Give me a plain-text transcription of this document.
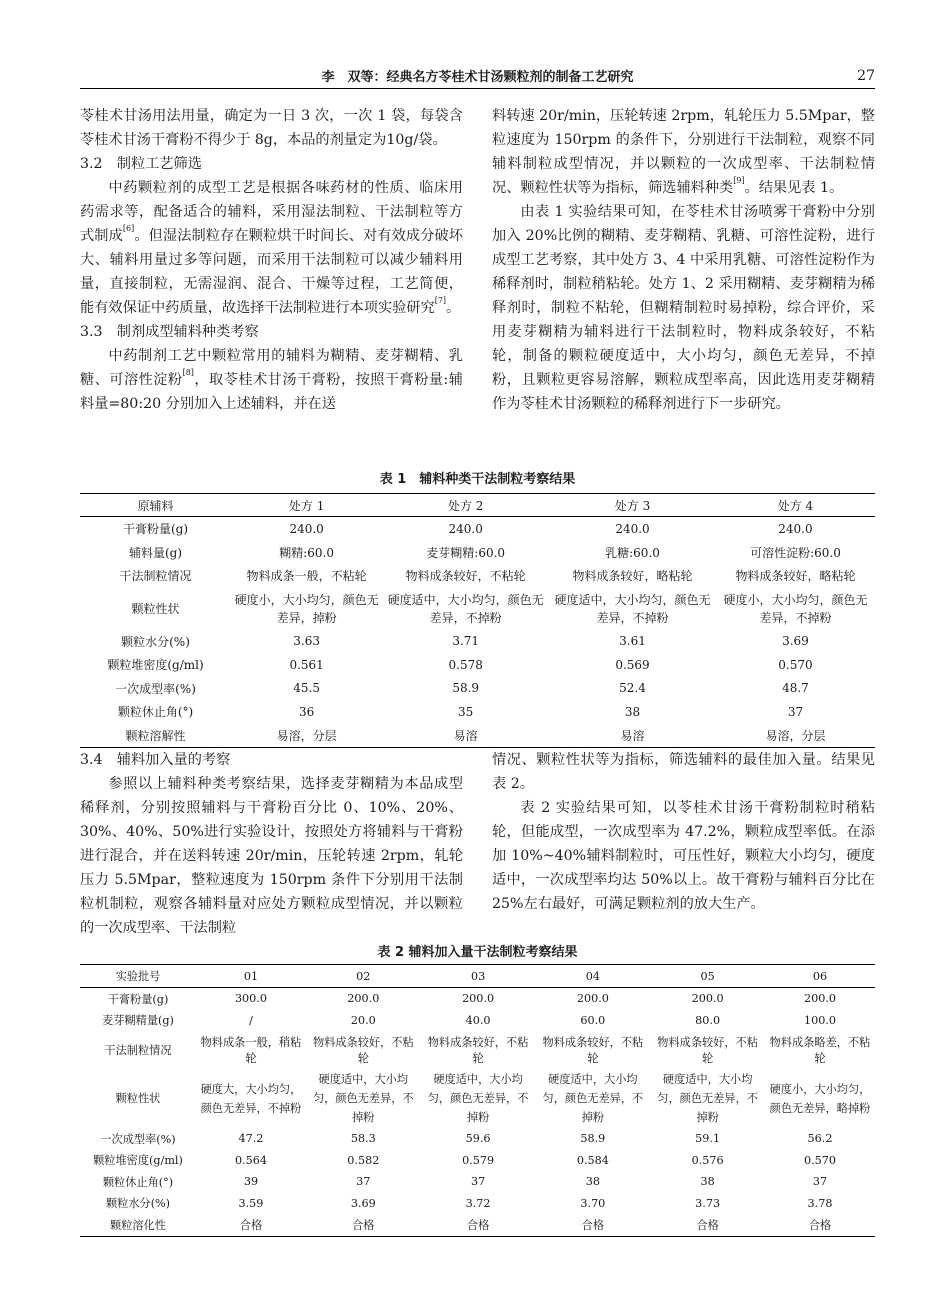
李　双等：经典名方苓桂术甘汤颗粒剂的制备工艺研究	27

苓桂术甘汤用法用量，确定为一日 3 次，一次 1 袋，每袋含苓桂术甘汤干膏粉不得少于 8g，本品的剂量定为10g/袋。

3.2　制粒工艺筛选

中药颗粒剂的成型工艺是根据各味药材的性质、临床用药需求等，配备适合的辅料，采用湿法制粒、干法制粒等方式制成[6]。但湿法制粒存在颗粒烘干时间长、对有效成分破坏大、辅料用量过多等问题，而采用干法制粒可以减少辅料用量，直接制粒，无需湿润、混合、干燥等过程，工艺简便，能有效保证中药质量，故选择干法制粒进行本项实验研究[7]。

3.3　制剂成型辅料种类考察

中药制剂工艺中颗粒常用的辅料为糊精、麦芽糊精、乳糖、可溶性淀粉[8]，取苓桂术甘汤干膏粉，按照干膏粉量:辅料量=80:20 分别加入上述辅料，并在送

料转速 20r/min，压轮转速 2rpm，轧轮压力 5.5Mpar，整粒速度为 150rpm 的条件下，分别进行干法制粒，观察不同辅料制粒成型情况，并以颗粒的一次成型率、干法制粒情况、颗粒性状等为指标，筛选辅料种类[9]。结果见表 1。

由表 1 实验结果可知，在苓桂术甘汤喷雾干膏粉中分别加入 20%比例的糊精、麦芽糊精、乳糖、可溶性淀粉，进行成型工艺考察，其中处方 3、4 中采用乳糖、可溶性淀粉作为稀释剂时，制粒稍粘轮。处方 1、2 采用糊精、麦芽糊精为稀释剂时，制粒不粘轮，但糊精制粒时易掉粉，综合评价，采用麦芽糊精为辅料进行干法制粒时，物料成条较好，不粘轮，制备的颗粒硬度适中，大小均匀，颜色无差异，不掉粉，且颗粒更容易溶解，颗粒成型率高，因此选用麦芽糊精作为苓桂术甘汤颗粒的稀释剂进行下一步研究。

表 1　辅料种类干法制粒考察结果
原辅料	处方 1	处方 2	处方 3	处方 4
干膏粉量(g)	240.0	240.0	240.0	240.0
辅料量(g)	糊精:60.0	麦芽糊精:60.0	乳糖:60.0	可溶性淀粉:60.0
干法制粒情况	物料成条一般，不粘轮	物料成条较好，不粘轮	物料成条较好，略粘轮	物料成条较好，略粘轮
颗粒性状	硬度小，大小均匀，颜色无差异，掉粉	硬度适中，大小均匀，颜色无差异，不掉粉	硬度适中，大小均匀，颜色无差异，不掉粉	硬度小，大小均匀，颜色无差异，不掉粉
颗粒水分(%)	3.63	3.71	3.61	3.69
颗粒堆密度(g/ml)	0.561	0.578	0.569	0.570
一次成型率(%)	45.5	58.9	52.4	48.7
颗粒休止角(°)	36	35	38	37
颗粒溶解性	易溶，分层	易溶	易溶	易溶，分层

3.4　辅料加入量的考察

参照以上辅料种类考察结果，选择麦芽糊精为本品成型稀释剂，分别按照辅料与干膏粉百分比 0、10%、20%、30%、40%、50%进行实验设计，按照处方将辅料与干膏粉进行混合，并在送料转速 20r/min，压轮转速 2rpm，轧轮压力 5.5Mpar，整粒速度为 150rpm 条件下分别用干法制粒机制粒，观察各辅料量对应处方颗粒成型情况，并以颗粒的一次成型率、干法制粒

情况、颗粒性状等为指标，筛选辅料的最佳加入量。结果见表 2。

表 2 实验结果可知，以苓桂术甘汤干膏粉制粒时稍粘轮，但能成型，一次成型率为 47.2%，颗粒成型率低。在添加 10%~40%辅料制粒时，可压性好，颗粒大小均匀，硬度适中，一次成型率均达 50%以上。故干膏粉与辅料百分比在 25%左右最好，可满足颗粒剂的放大生产。

表 2 辅料加入量干法制粒考察结果
实验批号	01	02	03	04	05	06
干膏粉量(g)	300.0	200.0	200.0	200.0	200.0	200.0
麦芽糊精量(g)	/	20.0	40.0	60.0	80.0	100.0
干法制粒情况	物料成条一般，稍粘轮	物料成条较好，不粘轮	物料成条较好，不粘轮	物料成条较好，不粘轮	物料成条较好，不粘轮	物料成条略差，不粘轮
颗粒性状	硬度大，大小均匀，颜色无差异，不掉粉	硬度适中，大小均匀，颜色无差异，不掉粉	硬度适中，大小均匀，颜色无差异，不掉粉	硬度适中，大小均匀，颜色无差异，不掉粉	硬度适中，大小均匀，颜色无差异，不掉粉	硬度小，大小均匀，颜色无差异，略掉粉
一次成型率(%)	47.2	58.3	59.6	58.9	59.1	56.2
颗粒堆密度(g/ml)	0.564	0.582	0.579	0.584	0.576	0.570
颗粒休止角(°)	39	37	37	38	38	37
颗粒水分(%)	3.59	3.69	3.72	3.70	3.73	3.78
颗粒溶化性	合格	合格	合格	合格	合格	合格
